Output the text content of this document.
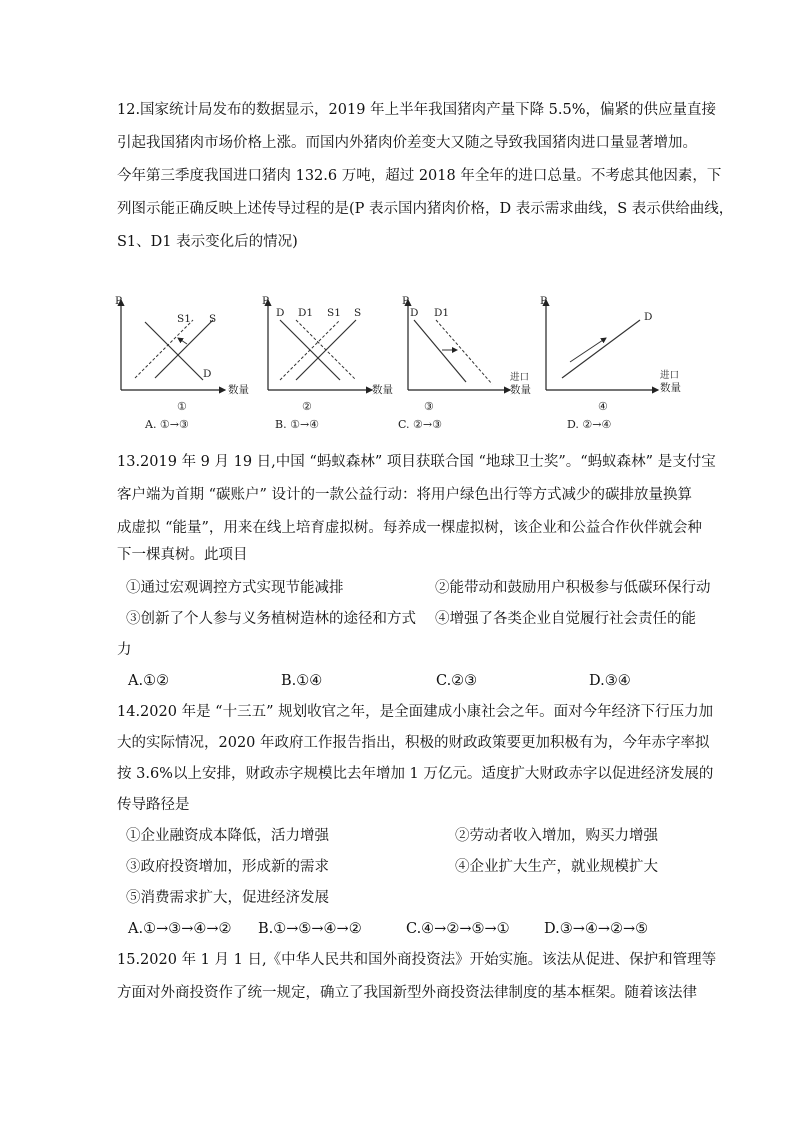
12.国家统计局发布的数据显示，2019 年上半年我国猪肉产量下降 5.5%，偏紧的供应量直接
引起我国猪肉市场价格上涨。而国内外猪肉价差变大又随之导致我国猪肉进口量显著增加。
今年第三季度我国进口猪肉 132.6 万吨，超过 2018 年全年的进口总量。不考虑其他因素，下
列图示能正确反映上述传导过程的是(P 表示国内猪肉价格，D 表示需求曲线，S 表示供给曲线，
S1、D1 表示变化后的情况)
P
S1 S
D
数量
①
A. ①→③
P
D D1 S1 S
数量
②
B. ①→④
P
D D1
进口
数量
③
C. ②→③
P
D
进口
数量
④
D. ②→④
13.2019 年 9 月 19 日,中国 “蚂蚁森林” 项目获联合国 “地球卫士奖”。“蚂蚁森林” 是支付宝
客户端为首期 “碳账户” 设计的一款公益行动：将用户绿色出行等方式减少的碳排放量换算
成虚拟 “能量”，用来在线上培育虚拟树。每养成一棵虚拟树，该企业和公益合作伙伴就会种
下一棵真树。此项目
①通过宏观调控方式实现节能减排	②能带动和鼓励用户积极参与低碳环保行动
③创新了个人参与义务植树造林的途径和方式 ④增强了各类企业自觉履行社会责任的能
力
A.①②	B.①④	C.②③	D.③④
14.2020 年是 “十三五” 规划收官之年，是全面建成小康社会之年。面对今年经济下行压力加
大的实际情况，2020 年政府工作报告指出，积极的财政政策要更加积极有为，今年赤字率拟
按 3.6%以上安排，财政赤字规模比去年增加 1 万亿元。适度扩大财政赤字以促进经济发展的
传导路径是
①企业融资成本降低，活力增强	②劳动者收入增加，购买力增强
③政府投资增加，形成新的需求	④企业扩大生产，就业规模扩大
⑤消费需求扩大，促进经济发展
A.①→③→④→② B.①→⑤→④→②	C.④→②→⑤→① D.③→④→②→⑤
15.2020 年 1 月 1 日,《中华人民共和国外商投资法》开始实施。该法从促进、保护和管理等
方面对外商投资作了统一规定，确立了我国新型外商投资法律制度的基本框架。随着该法律
